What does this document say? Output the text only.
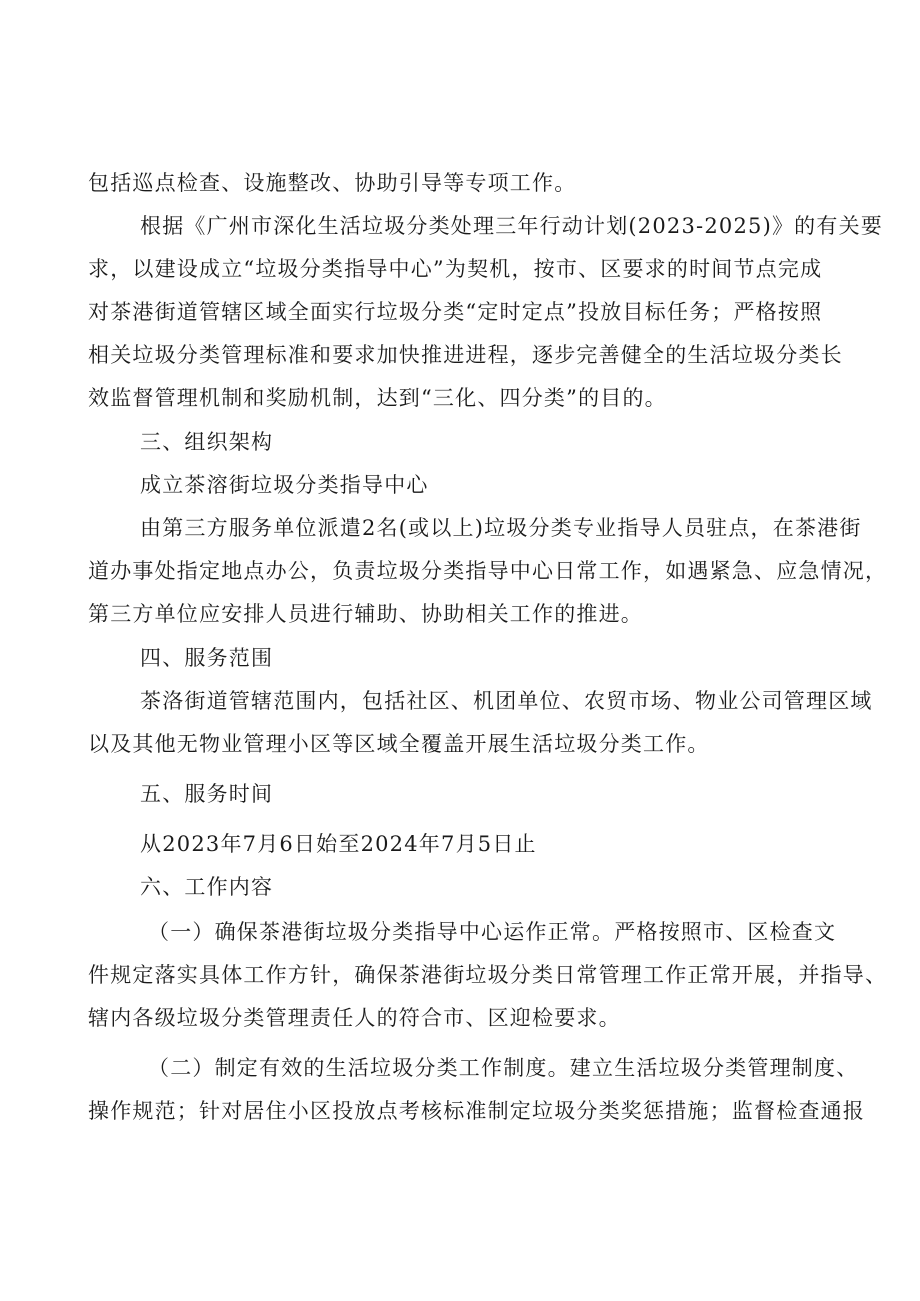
包括巡点检查、设施整改、协助引导等专项工作。
根据《广州市深化生活垃圾分类处理三年行动计划(2023-2025)》的有关要
求，以建设成立“垃圾分类指导中心”为契机，按市、区要求的时间节点完成
对茶港街道管辖区域全面实行垃圾分类“定时定点”投放目标任务；严格按照
相关垃圾分类管理标准和要求加快推进进程，逐步完善健全的生活垃圾分类长
效监督管理机制和奖励机制，达到“三化、四分类”的目的。
三、组织架构
成立茶溶街垃圾分类指导中心
由第三方服务单位派遣2名(或以上)垃圾分类专业指导人员驻点，在茶港街
道办事处指定地点办公，负责垃圾分类指导中心日常工作，如遇紧急、应急情况，
第三方单位应安排人员进行辅助、协助相关工作的推进。
四、服务范围
茶洛街道管辖范围内，包括社区、机团单位、农贸市场、物业公司管理区域
以及其他无物业管理小区等区域全覆盖开展生活垃圾分类工作。
五、服务时间
从2023年7月6日始至2024年7月5日止
六、工作内容
（一）确保茶港街垃圾分类指导中心运作正常。严格按照市、区检查文
件规定落实具体工作方针，确保茶港街垃圾分类日常管理工作正常开展，并指导、
辖内各级垃圾分类管理责任人的符合市、区迎检要求。
（二）制定有效的生活垃圾分类工作制度。建立生活垃圾分类管理制度、
操作规范；针对居住小区投放点考核标准制定垃圾分类奖惩措施；监督检查通报
